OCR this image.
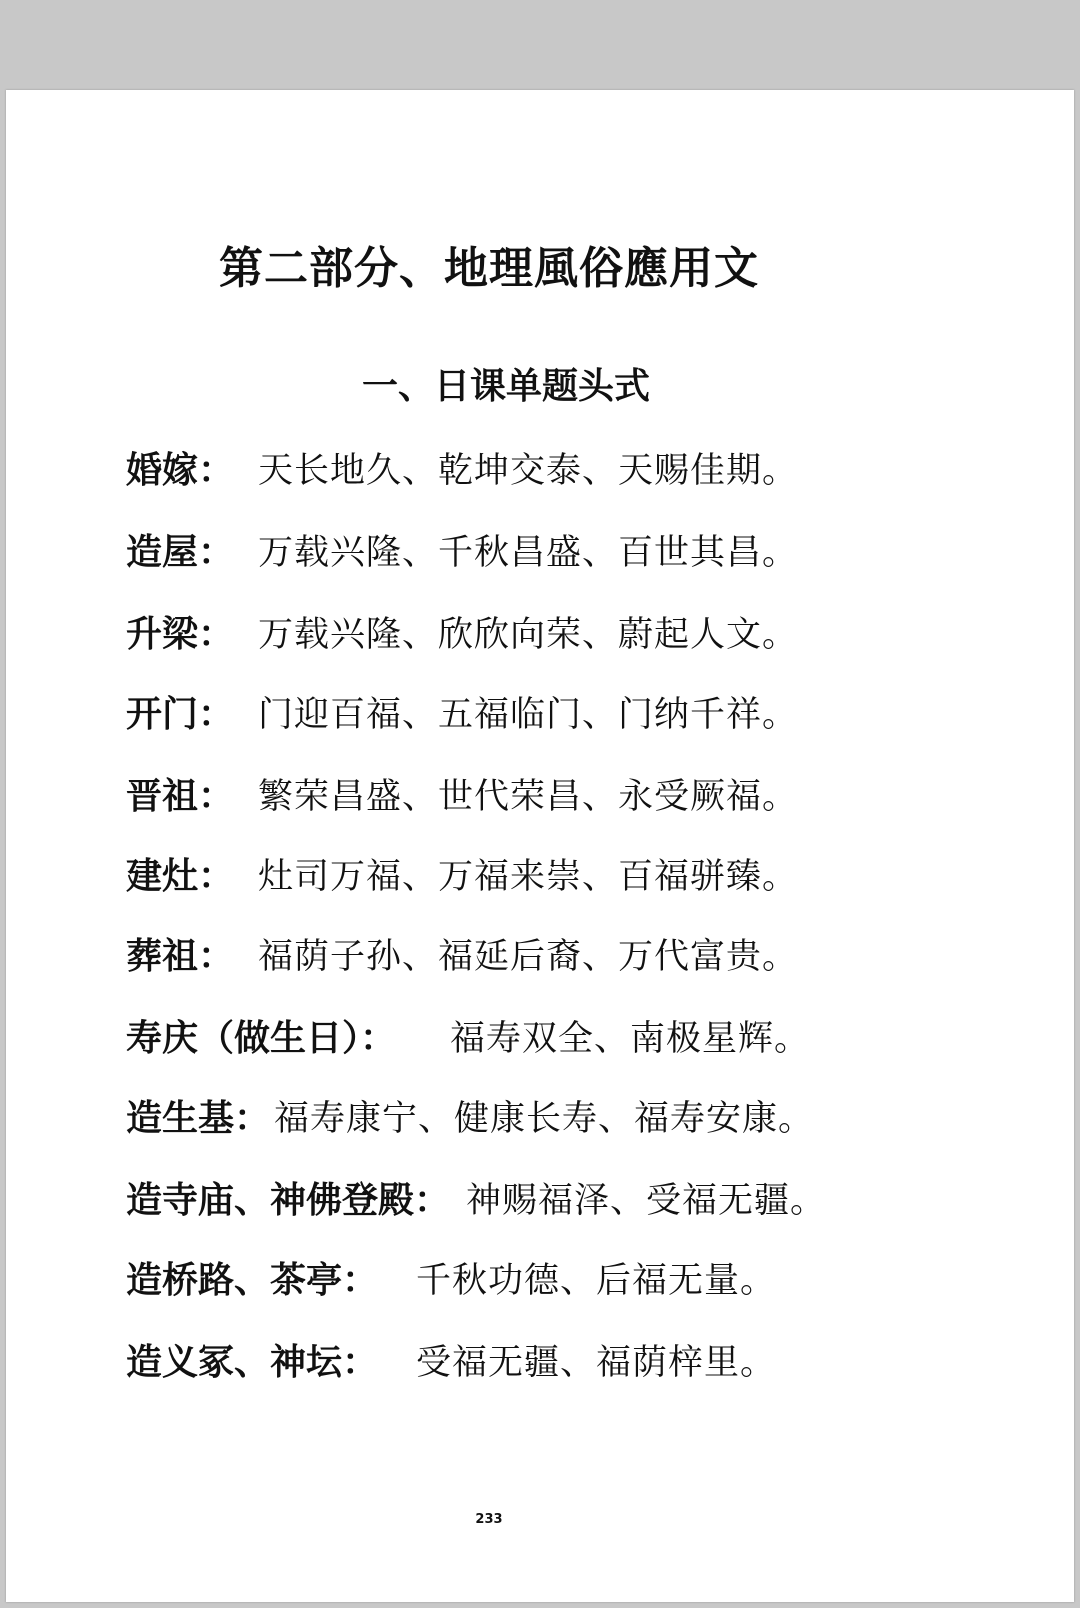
第二部分、地理風俗應用文
一、日课单题头式
婚嫁： 天长地久、乾坤交泰、天赐佳期。
造屋： 万载兴隆、千秋昌盛、百世其昌。
升梁： 万载兴隆、欣欣向荣、蔚起人文。
开门： 门迎百福、五福临门、门纳千祥。
晋祖： 繁荣昌盛、世代荣昌、永受厥福。
建灶： 灶司万福、万福来崇、百福骈臻。
葬祖： 福荫子孙、福延后裔、万代富贵。
寿庆（做生日）： 福寿双全、南极星辉。
造生基： 福寿康宁、健康长寿、福寿安康。
造寺庙、神佛登殿： 神赐福泽、受福无疆。
造桥路、茶亭： 千秋功德、后福无量。
造义冢、神坛： 受福无疆、福荫梓里。
233
